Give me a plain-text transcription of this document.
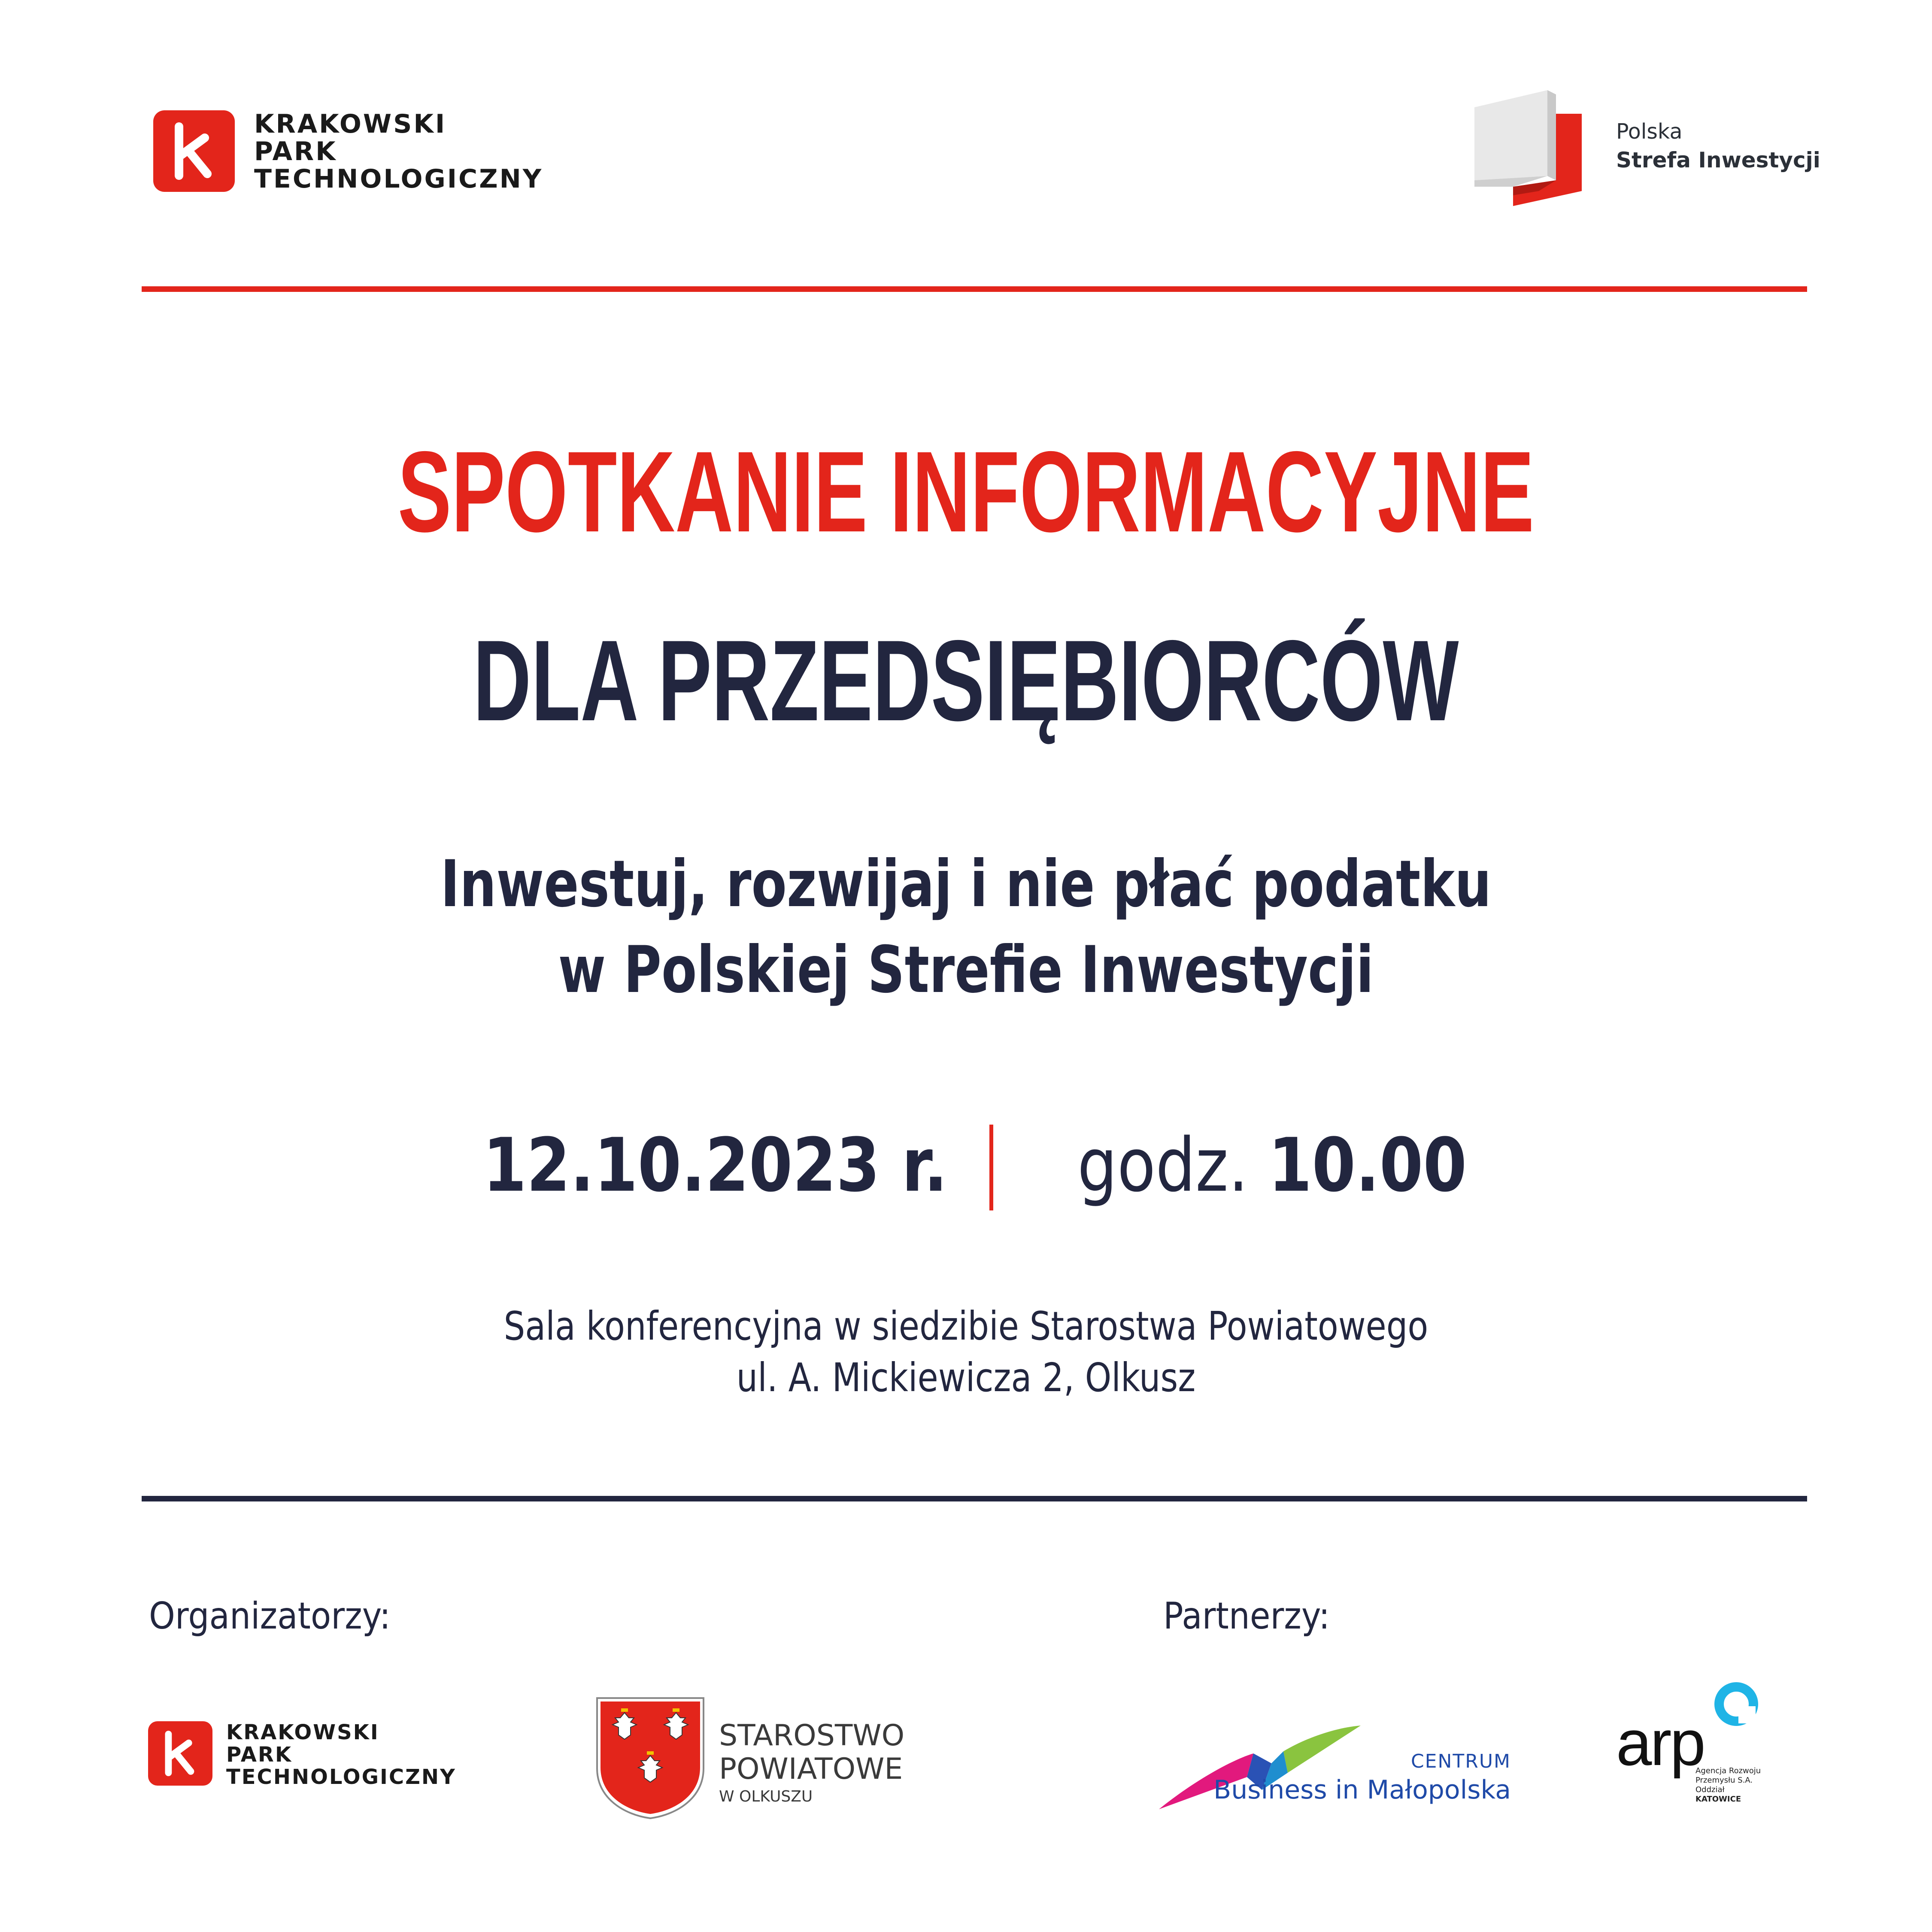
KRAKOWSKI
PARK
TECHNOLOGICZNY
Polska
Strefa Inwestycji
SPOTKANIE INFORMACYJNE
DLA PRZEDSIĘBIORCÓW
Inwestuj, rozwijaj i nie płać podatku
w Polskiej Strefie Inwestycji
12.10.2023 r. godz. 10.00
Sala konferencyjna w siedzibie Starostwa Powiatowego
ul. A. Mickiewicza 2, Olkusz
Organizatorzy:	Partnerzy:
KRAKOWSKI
PARK
TECHNOLOGICZNY
STAROSTWO
POWIATOWE
W OLKUSZU
CENTRUM
Business in Małopolska
arp
Agencja Rozwoju
Przemysłu S.A.
Oddział
KATOWICE
